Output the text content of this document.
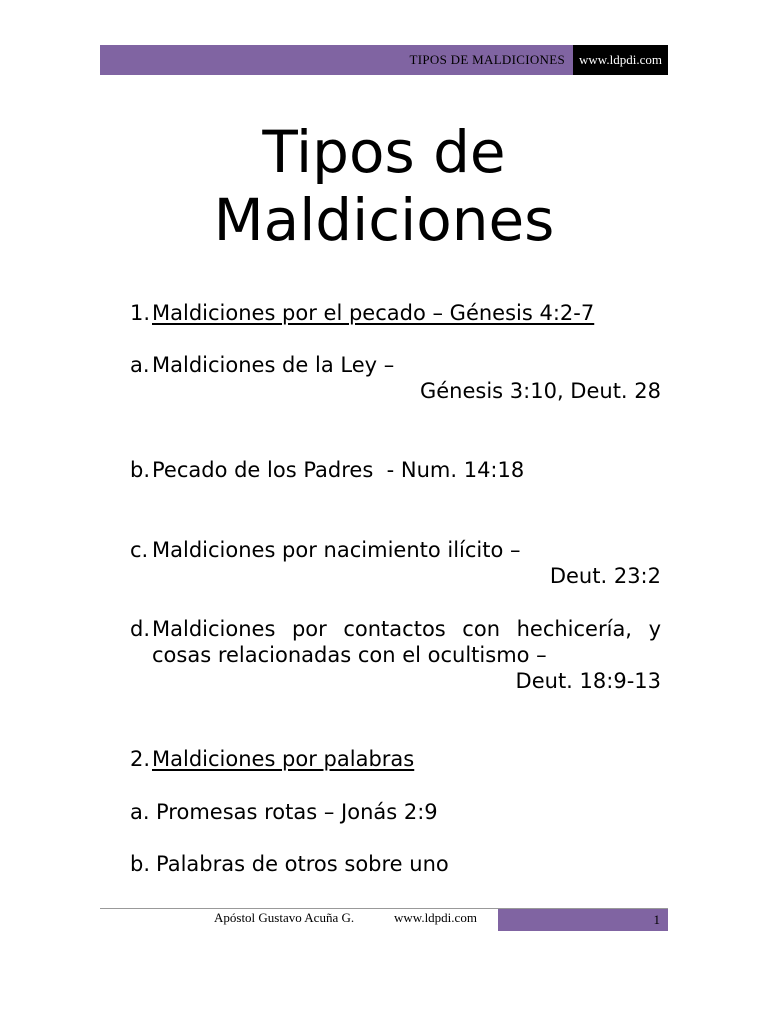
TIPOS DE MALDICIONES	www.ldpdi.com
Tipos de
Maldiciones
1. Maldiciones por el pecado – Génesis 4:2-7
a. Maldiciones de la Ley –
Génesis 3:10, Deut. 28
b. Pecado de los Padres  - Num. 14:18
c. Maldiciones por nacimiento ilícito –
Deut. 23:2
d. Maldiciones por contactos con hechicería, y
cosas relacionadas con el ocultismo –
Deut. 18:9-13
2. Maldiciones por palabras
a. Promesas rotas – Jonás 2:9
b. Palabras de otros sobre uno
Apóstol Gustavo Acuña G.	www.ldpdi.com	1
